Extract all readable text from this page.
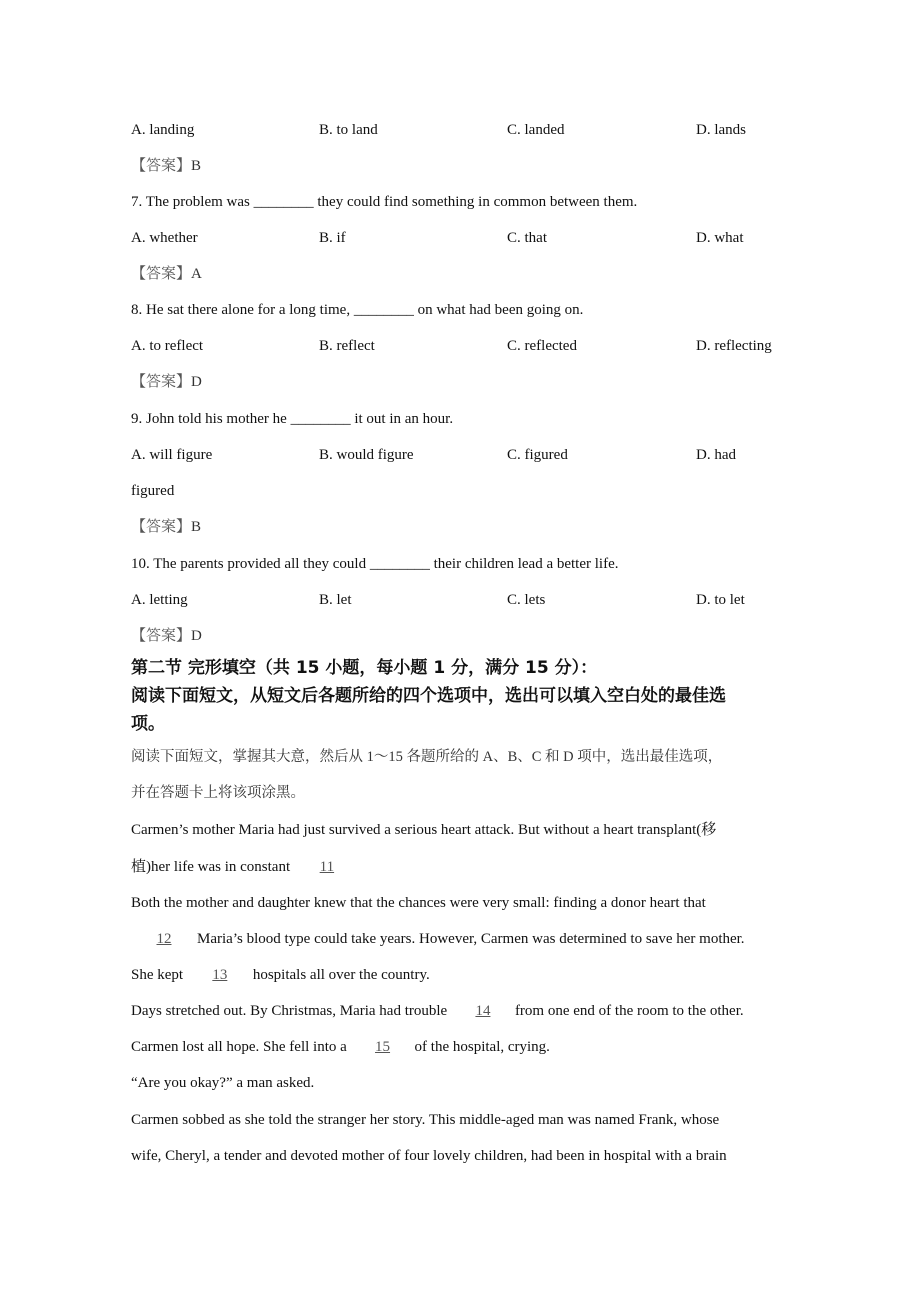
A. landing	B. to land	C. landed	D. lands
【答案】B
7. The problem was ________ they could find something in common between them.
A. whether	B. if	C. that	D. what
【答案】A
8. He sat there alone for a long time, ________ on what had been going on.
A. to reflect	B. reflect	C. reflected	D. reflecting
【答案】D
9. John told his mother he ________ it out in an hour.
A. will figure	B. would figure	C. figured	D. had
figured
【答案】B
10. The parents provided all they could ________ their children lead a better life.
A. letting	B. let	C. lets	D. to let
【答案】D
第二节 完形填空（共 15 小题，每小题 1 分，满分 15 分）：
阅读下面短文，从短文后各题所给的四个选项中，选出可以填入空白处的最佳选
项。
阅读下面短文，掌握其大意，然后从 1～15 各题所给的 A、B、C 和 D 项中，选出最佳选项，
并在答题卡上将该项涂黑。
Carmen’s mother Maria had just survived a serious heart attack. But without a heart transplant(移
植)her life was in constant 11
Both the mother and daughter knew that the chances were very small: finding a donor heart that
12 Maria’s blood type could take years. However, Carmen was determined to save her mother.
She kept 13 hospitals all over the country.
Days stretched out. By Christmas, Maria had trouble 14 from one end of the room to the other.
Carmen lost all hope. She fell into a 15 of the hospital, crying.
“Are you okay?” a man asked.
Carmen sobbed as she told the stranger her story. This middle-aged man was named Frank, whose
wife, Cheryl, a tender and devoted mother of four lovely children, had been in hospital with a brain
